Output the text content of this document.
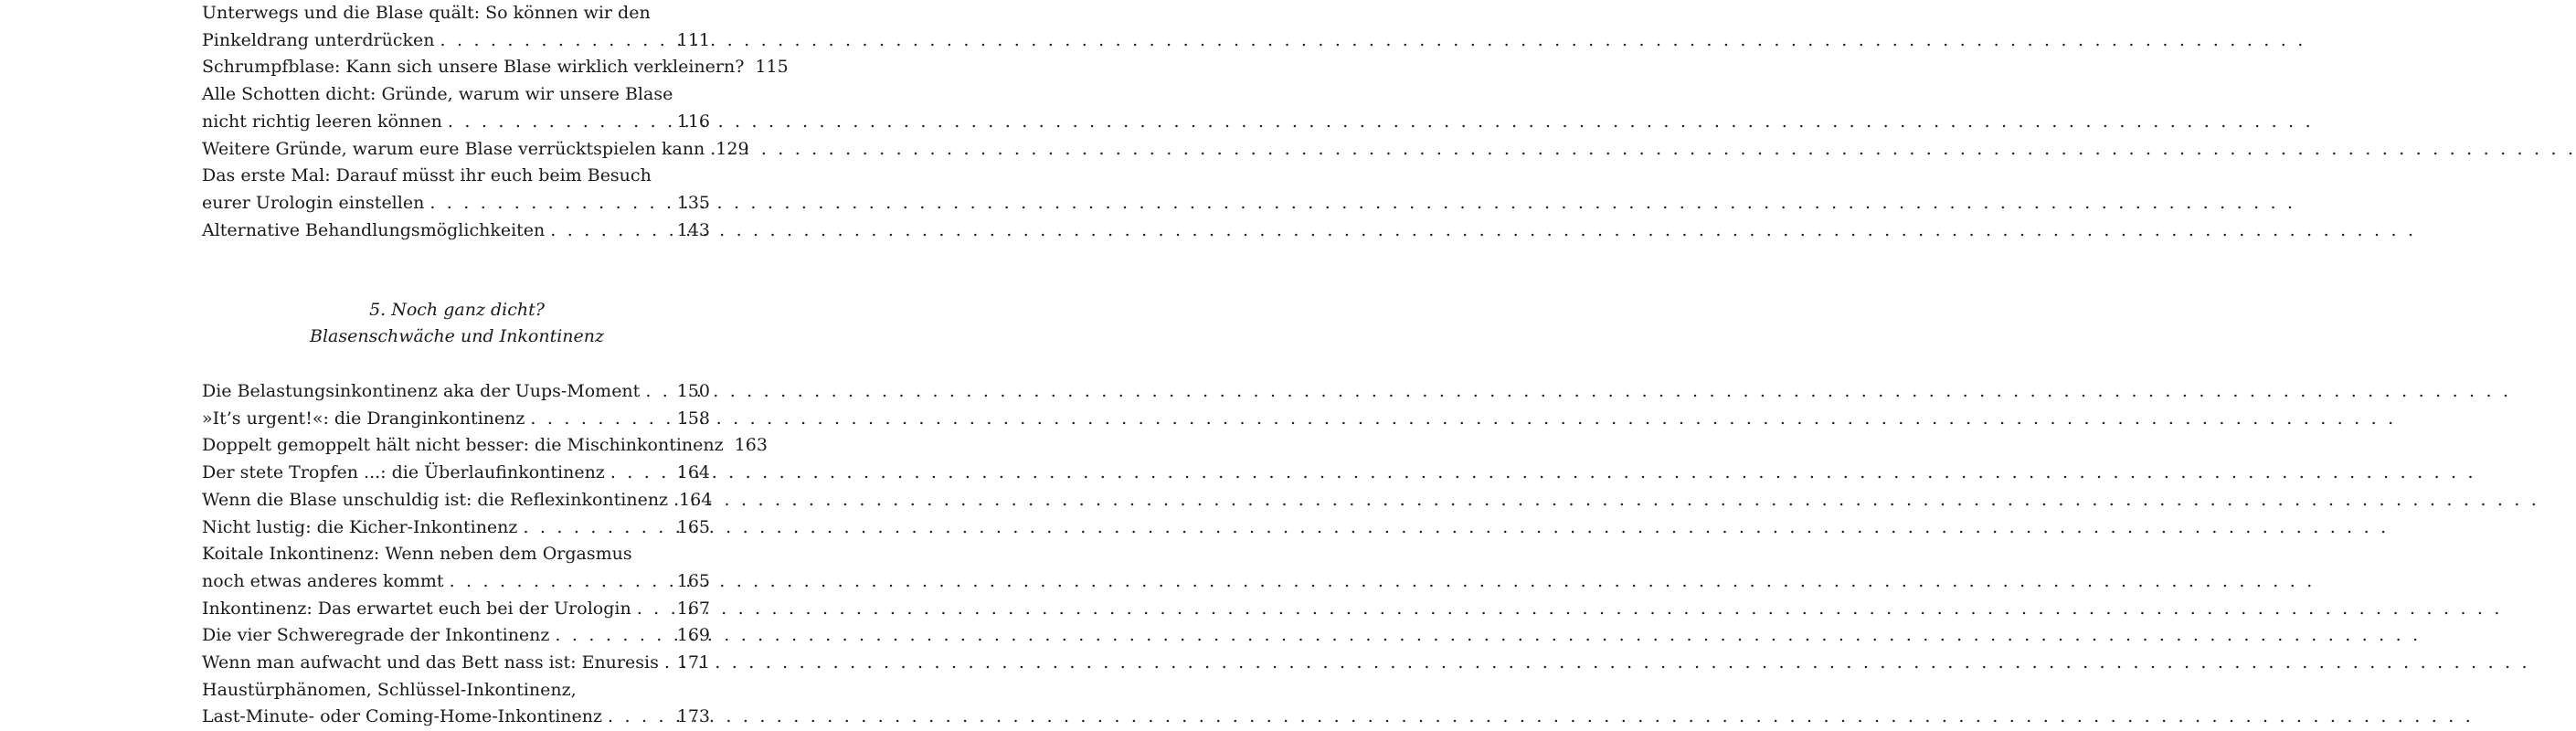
Unterwegs und die Blase quält: So können wir den
Pinkeldrang unterdrücken . . .	111
Schrumpfblase: Kann sich unsere Blase wirklich verkleinern? 115
Alle Schotten dicht: Gründe, warum wir unsere Blase
nicht richtig leeren können . . .	116
Weitere Gründe, warum eure Blase verrücktspielen kann 129
Das erste Mal: Darauf müsst ihr euch beim Besuch
eurer Urologin einstellen . . .	135
Alternative Behandlungsmöglichkeiten . . .	143
5. Noch ganz dicht?
Blasenschwäche und Inkontinenz
Die Belastungsinkontinenz aka der Uups-Moment . . . 150
»It’s urgent!«: die Dranginkontinenz . . .	158
Doppelt gemoppelt hält nicht besser: die Mischinkontinenz 163
Der stete Tropfen ...: die Überlaufinkontinenz . . .	164
Wenn die Blase unschuldig ist: die Reflexinkontinenz 164
Nicht lustig: die Kicher-Inkontinenz . . .	165
Koitale Inkontinenz: Wenn neben dem Orgasmus
noch etwas anderes kommt . . .	165
Inkontinenz: Das erwartet euch bei der Urologin . . .	167
Die vier Schweregrade der Inkontinenz . . .	169
Wenn man aufwacht und das Bett nass ist: Enuresis . . . 171
Haustürphänomen, Schlüssel-Inkontinenz,
Last-Minute- oder Coming-Home-Inkontinenz . . .	173
